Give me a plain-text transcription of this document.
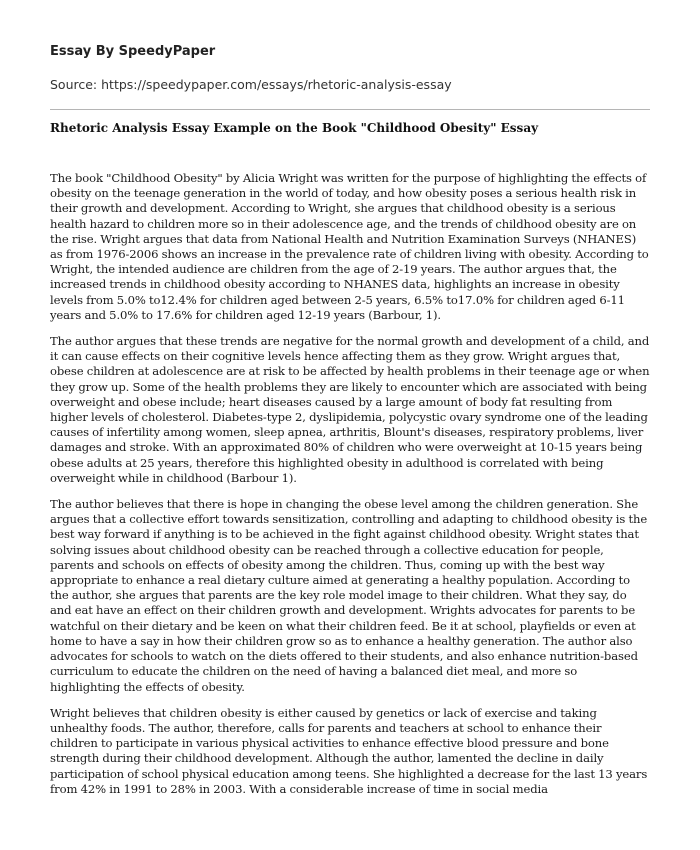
Essay By SpeedyPaper
Source: https://speedypaper.com/essays/rhetoric-analysis-essay
Rhetoric Analysis Essay Example on the Book "Childhood Obesity" Essay

The book "Childhood Obesity" by Alicia Wright was written for the purpose of highlighting the effects of obesity on the teenage generation in the world of today, and how obesity poses a serious health risk in their growth and development. According to Wright, she argues that childhood obesity is a serious health hazard to children more so in their adolescence age, and the trends of childhood obesity are on the rise. Wright argues that data from National Health and Nutrition Examination Surveys (NHANES) as from 1976-2006 shows an increase in the prevalence rate of children living with obesity. According to Wright, the intended audience are children from the age of 2-19 years. The author argues that, the increased trends in childhood obesity according to NHANES data, highlights an increase in obesity levels from 5.0% to12.4% for children aged between 2-5 years, 6.5% to17.0% for children aged 6-11 years and 5.0% to 17.6% for children aged 12-19 years (Barbour, 1).

The author argues that these trends are negative for the normal growth and development of a child, and it can cause effects on their cognitive levels hence affecting them as they grow. Wright argues that, obese children at adolescence are at risk to be affected by health problems in their teenage age or when they grow up. Some of the health problems they are likely to encounter which are associated with being overweight and obese include; heart diseases caused by a large amount of body fat resulting from higher levels of cholesterol. Diabetes-type 2, dyslipidemia, polycystic ovary syndrome one of the leading causes of infertility among women, sleep apnea, arthritis, Blount's diseases, respiratory problems, liver damages and stroke. With an approximated 80% of children who were overweight at 10-15 years being obese adults at 25 years, therefore this highlighted obesity in adulthood is correlated with being overweight while in childhood (Barbour 1).

The author believes that there is hope in changing the obese level among the children generation. She argues that a collective effort towards sensitization, controlling and adapting to childhood obesity is the best way forward if anything is to be achieved in the fight against childhood obesity. Wright states that solving issues about childhood obesity can be reached through a collective education for people, parents and schools on effects of obesity among the children. Thus, coming up with the best way appropriate to enhance a real dietary culture aimed at generating a healthy population. According to the author, she argues that parents are the key role model image to their children. What they say, do and eat have an effect on their children growth and development. Wrights advocates for parents to be watchful on their dietary and be keen on what their children feed. Be it at school, playfields or even at home to have a say in how their children grow so as to enhance a healthy generation. The author also advocates for schools to watch on the diets offered to their students, and also enhance nutrition-based curriculum to educate the children on the need of having a balanced diet meal, and more so highlighting the effects of obesity.

Wright believes that children obesity is either caused by genetics or lack of exercise and taking unhealthy foods. The author, therefore, calls for parents and teachers at school to enhance their children to participate in various physical activities to enhance effective blood pressure and bone strength during their childhood development. Although the author, lamented the decline in daily participation of school physical education among teens. She highlighted a decrease for the last 13 years from 42% in 1991 to 28% in 2003. With a considerable increase of time in social media
